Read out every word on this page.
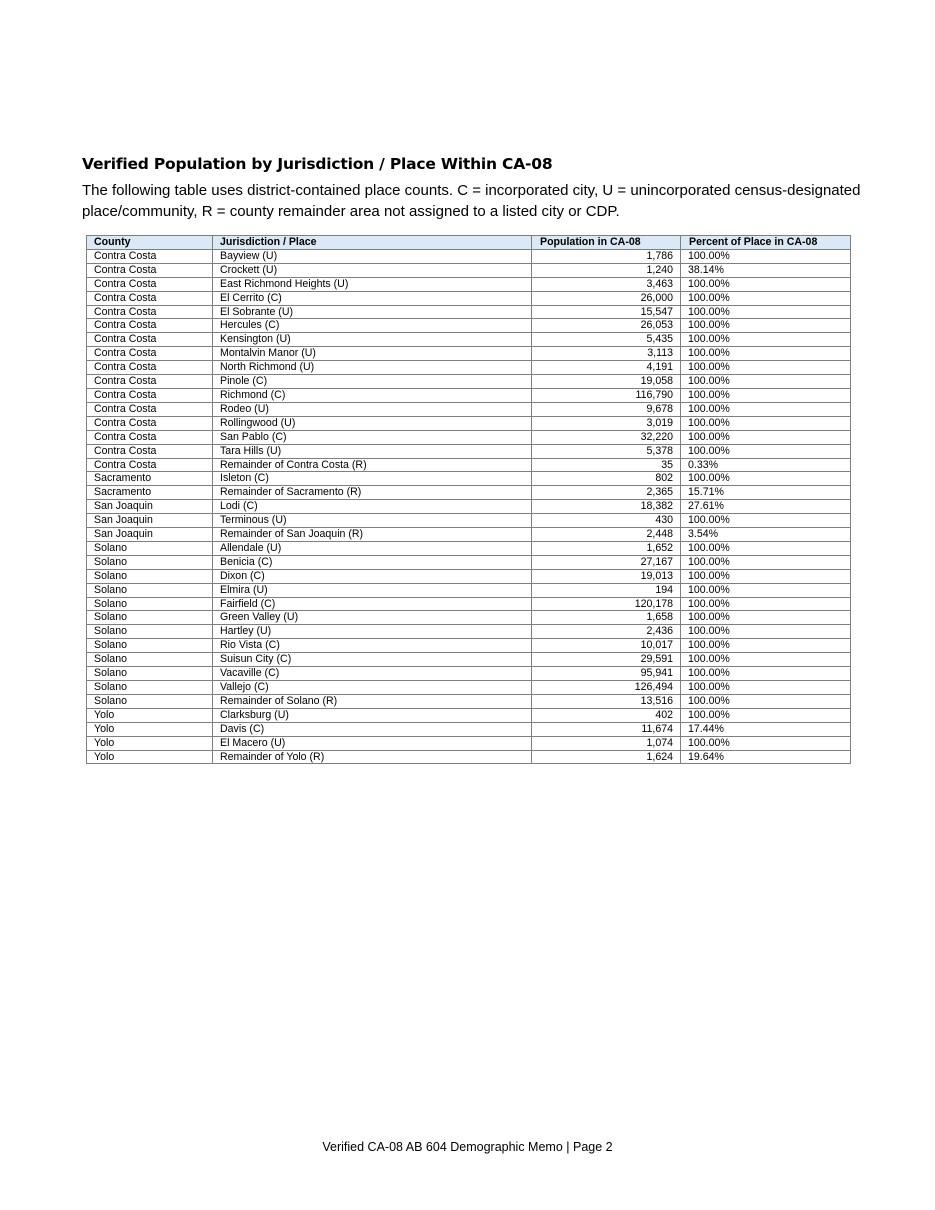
Verified Population by Jurisdiction / Place Within CA-08

The following table uses district-contained place counts. C = incorporated city, U = unincorporated census-designated place/community, R = county remainder area not assigned to a listed city or CDP.

County	Jurisdiction / Place	Population in CA-08	Percent of Place in CA-08
Contra Costa	Bayview (U)	1,786	100.00%
Contra Costa	Crockett (U)	1,240	38.14%
Contra Costa	East Richmond Heights (U)	3,463	100.00%
Contra Costa	El Cerrito (C)	26,000	100.00%
Contra Costa	El Sobrante (U)	15,547	100.00%
Contra Costa	Hercules (C)	26,053	100.00%
Contra Costa	Kensington (U)	5,435	100.00%
Contra Costa	Montalvin Manor (U)	3,113	100.00%
Contra Costa	North Richmond (U)	4,191	100.00%
Contra Costa	Pinole (C)	19,058	100.00%
Contra Costa	Richmond (C)	116,790	100.00%
Contra Costa	Rodeo (U)	9,678	100.00%
Contra Costa	Rollingwood (U)	3,019	100.00%
Contra Costa	San Pablo (C)	32,220	100.00%
Contra Costa	Tara Hills (U)	5,378	100.00%
Contra Costa	Remainder of Contra Costa (R)	35	0.33%
Sacramento	Isleton (C)	802	100.00%
Sacramento	Remainder of Sacramento (R)	2,365	15.71%
San Joaquin	Lodi (C)	18,382	27.61%
San Joaquin	Terminous (U)	430	100.00%
San Joaquin	Remainder of San Joaquin (R)	2,448	3.54%
Solano	Allendale (U)	1,652	100.00%
Solano	Benicia (C)	27,167	100.00%
Solano	Dixon (C)	19,013	100.00%
Solano	Elmira (U)	194	100.00%
Solano	Fairfield (C)	120,178	100.00%
Solano	Green Valley (U)	1,658	100.00%
Solano	Hartley (U)	2,436	100.00%
Solano	Rio Vista (C)	10,017	100.00%
Solano	Suisun City (C)	29,591	100.00%
Solano	Vacaville (C)	95,941	100.00%
Solano	Vallejo (C)	126,494	100.00%
Solano	Remainder of Solano (R)	13,516	100.00%
Yolo	Clarksburg (U)	402	100.00%
Yolo	Davis (C)	11,674	17.44%
Yolo	El Macero (U)	1,074	100.00%
Yolo	Remainder of Yolo (R)	1,624	19.64%
Verified CA-08 AB 604 Demographic Memo | Page 2
